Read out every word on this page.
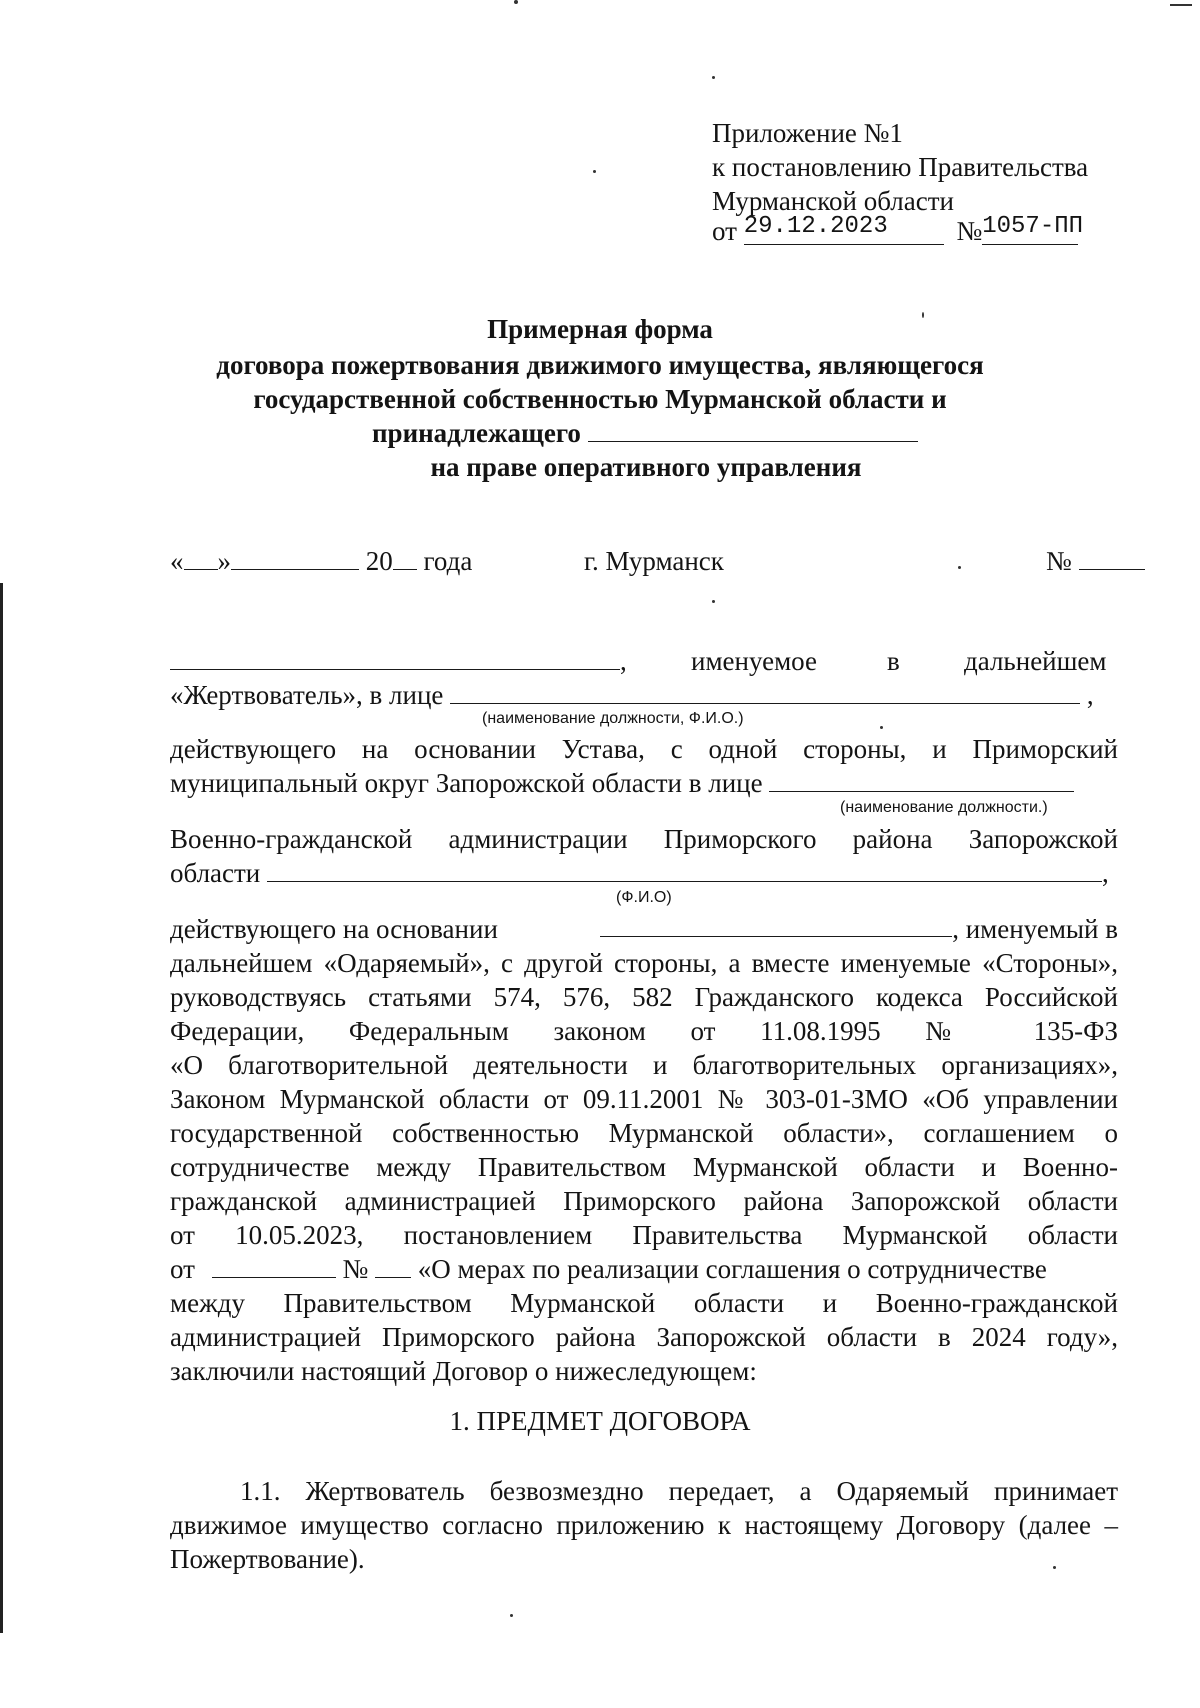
Приложение №1
к постановлению Правительства
Мурманской области
от 29.12.2023	№1057-ПП
Примерная форма
договора пожертвования движимого имущества, являющегося
государственной собственностью Мурманской области и
принадлежащего
на праве оперативного управления
« »	20 года	г. Мурманск	№
, именуемое	в дальнейшем
«Жертвователь», в лице	,
(наименование должности, Ф.И.О.)
действующего на основании Устава, с одной стороны, и Приморский
муниципальный округ Запорожской области в лице
(наименование должности.)
Военно-гражданской администрации Приморского района Запорожской
области	,
(Ф.И.О)
действующего на основании	, именуемый в
дальнейшем «Одаряемый», с другой стороны, а вместе именуемые «Стороны»,
руководствуясь статьями 574, 576, 582 Гражданского кодекса Российской
Федерации, Федеральным законом от 11.08.1995 № 135-ФЗ
«О благотворительной деятельности и благотворительных организациях»,
Законом Мурманской области от 09.11.2001 № 303-01-ЗМО «Об управлении
государственной собственностью Мурманской области», соглашением о
сотрудничестве между Правительством Мурманской области и Военно-
гражданской администрацией Приморского района Запорожской области
от 10.05.2023, постановлением Правительства Мурманской области
от	№ «О мерах по реализации соглашения о сотрудничестве
между Правительством Мурманской области и Военно-гражданской
администрацией Приморского района Запорожской области в 2024 году»,
заключили настоящий Договор о нижеследующем:
1. ПРЕДМЕТ ДОГОВОРА
1.1. Жертвователь безвозмездно передает, а Одаряемый принимает
движимое имущество согласно приложению к настоящему Договору (далее –
Пожертвование).
